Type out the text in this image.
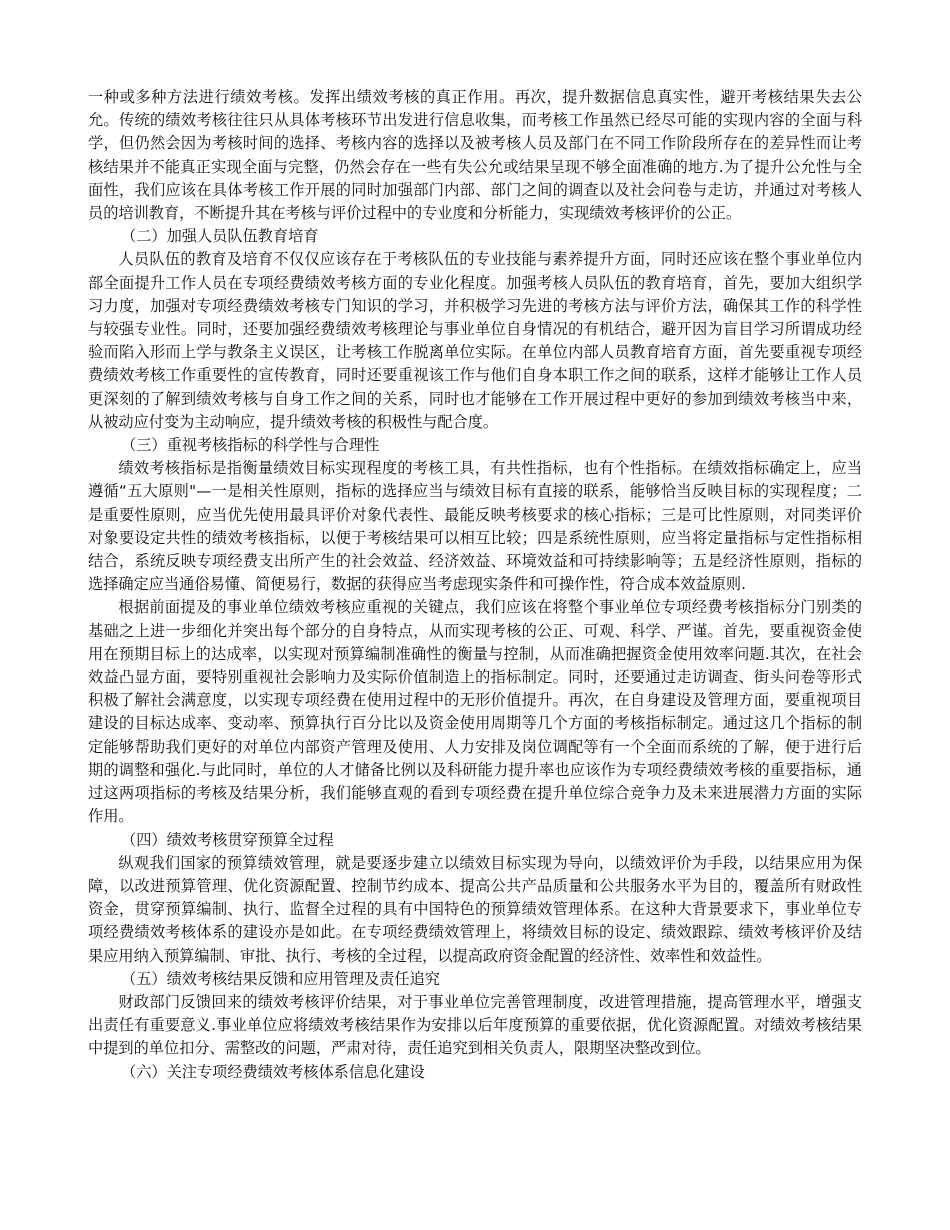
一种或多种方法进行绩效考核。发挥出绩效考核的真正作用。再次，提升数据信息真实性，避开考核结果失去公允。传统的绩效考核往往只从具体考核环节出发进行信息收集，而考核工作虽然已经尽可能的实现内容的全面与科学，但仍然会因为考核时间的选择、考核内容的选择以及被考核人员及部门在不同工作阶段所存在的差异性而让考核结果并不能真正实现全面与完整，仍然会存在一些有失公允或结果呈现不够全面准确的地方.为了提升公允性与全面性，我们应该在具体考核工作开展的同时加强部门内部、部门之间的调查以及社会问卷与走访，并通过对考核人员的培训教育，不断提升其在考核与评价过程中的专业度和分析能力，实现绩效考核评价的公正。

（二）加强人员队伍教育培育

人员队伍的教育及培育不仅仅应该存在于考核队伍的专业技能与素养提升方面，同时还应该在整个事业单位内部全面提升工作人员在专项经费绩效考核方面的专业化程度。加强考核人员队伍的教育培育，首先，要加大组织学习力度，加强对专项经费绩效考核专门知识的学习，并积极学习先进的考核方法与评价方法，确保其工作的科学性与较强专业性。同时，还要加强经费绩效考核理论与事业单位自身情况的有机结合，避开因为盲目学习所谓成功经验而陷入形而上学与教条主义误区，让考核工作脱离单位实际。在单位内部人员教育培育方面，首先要重视专项经费绩效考核工作重要性的宣传教育，同时还要重视该工作与他们自身本职工作之间的联系，这样才能够让工作人员更深刻的了解到绩效考核与自身工作之间的关系，同时也才能够在工作开展过程中更好的参加到绩效考核当中来，从被动应付变为主动响应，提升绩效考核的积极性与配合度。

（三）重视考核指标的科学性与合理性

绩效考核指标是指衡量绩效目标实现程度的考核工具，有共性指标，也有个性指标。在绩效指标确定上，应当遵循“五大原则"—一是相关性原则，指标的选择应当与绩效目标有直接的联系，能够恰当反映目标的实现程度；二是重要性原则，应当优先使用最具评价对象代表性、最能反映考核要求的核心指标；三是可比性原则，对同类评价对象要设定共性的绩效考核指标，以便于考核结果可以相互比较；四是系统性原则，应当将定量指标与定性指标相结合，系统反映专项经费支出所产生的社会效益、经济效益、环境效益和可持续影响等；五是经济性原则，指标的选择确定应当通俗易懂、简便易行，数据的获得应当考虑现实条件和可操作性，符合成本效益原则.

根据前面提及的事业单位绩效考核应重视的关键点，我们应该在将整个事业单位专项经费考核指标分门别类的基础之上进一步细化并突出每个部分的自身特点，从而实现考核的公正、可观、科学、严谨。首先，要重视资金使用在预期目标上的达成率，以实现对预算编制准确性的衡量与控制，从而准确把握资金使用效率问题.其次，在社会效益凸显方面，要特别重视社会影响力及实际价值制造上的指标制定。同时，还要通过走访调查、街头问卷等形式积极了解社会满意度，以实现专项经费在使用过程中的无形价值提升。再次，在自身建设及管理方面，要重视项目建设的目标达成率、变动率、预算执行百分比以及资金使用周期等几个方面的考核指标制定。通过这几个指标的制定能够帮助我们更好的对单位内部资产管理及使用、人力安排及岗位调配等有一个全面而系统的了解，便于进行后期的调整和强化.与此同时，单位的人才储备比例以及科研能力提升率也应该作为专项经费绩效考核的重要指标，通过这两项指标的考核及结果分析，我们能够直观的看到专项经费在提升单位综合竞争力及未来进展潜力方面的实际作用。

（四）绩效考核贯穿预算全过程

纵观我们国家的预算绩效管理，就是要逐步建立以绩效目标实现为导向，以绩效评价为手段，以结果应用为保障，以改进预算管理、优化资源配置、控制节约成本、提高公共产品质量和公共服务水平为目的，覆盖所有财政性资金，贯穿预算编制、执行、监督全过程的具有中国特色的预算绩效管理体系。在这种大背景要求下，事业单位专项经费绩效考核体系的建设亦是如此。在专项经费绩效管理上，将绩效目标的设定、绩效跟踪、绩效考核评价及结果应用纳入预算编制、审批、执行、考核的全过程，以提高政府资金配置的经济性、效率性和效益性。

（五）绩效考核结果反馈和应用管理及责任追究

财政部门反馈回来的绩效考核评价结果，对于事业单位完善管理制度，改进管理措施，提高管理水平，增强支出责任有重要意义.事业单位应将绩效考核结果作为安排以后年度预算的重要依据，优化资源配置。对绩效考核结果中提到的单位扣分、需整改的问题，严肃对待，责任追究到相关负责人，限期坚决整改到位。

（六）关注专项经费绩效考核体系信息化建设
